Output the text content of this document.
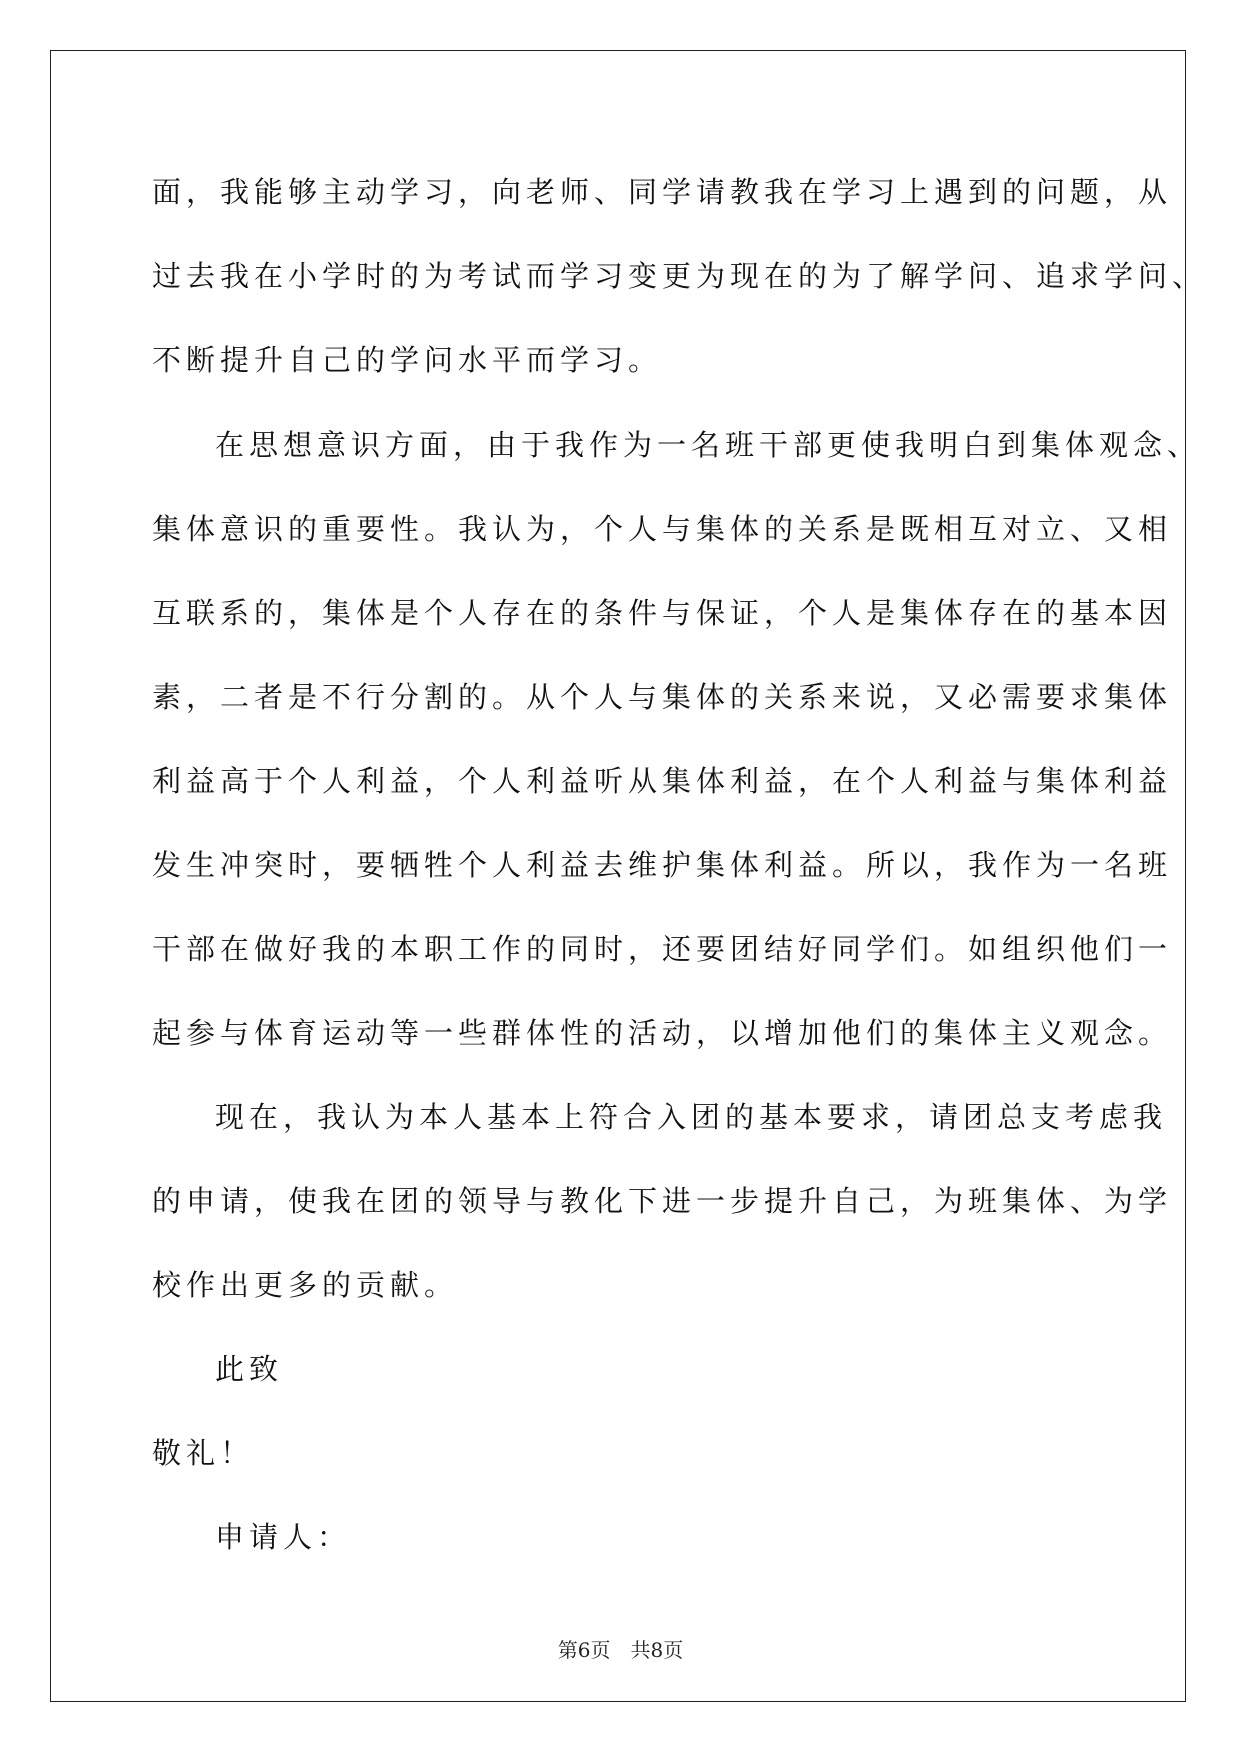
面，我能够主动学习，向老师、同学请教我在学习上遇到的问题，从
过去我在小学时的为考试而学习变更为现在的为了解学问、追求学问、
不断提升自己的学问水平而学习。
在思想意识方面，由于我作为一名班干部更使我明白到集体观念、
集体意识的重要性。我认为，个人与集体的关系是既相互对立、又相
互联系的，集体是个人存在的条件与保证，个人是集体存在的基本因
素，二者是不行分割的。从个人与集体的关系来说，又必需要求集体
利益高于个人利益，个人利益听从集体利益，在个人利益与集体利益
发生冲突时，要牺牲个人利益去维护集体利益。所以，我作为一名班
干部在做好我的本职工作的同时，还要团结好同学们。如组织他们一
起参与体育运动等一些群体性的活动，以增加他们的集体主义观念。
现在，我认为本人基本上符合入团的基本要求，请团总支考虑我
的申请，使我在团的领导与教化下进一步提升自己，为班集体、为学
校作出更多的贡献。
此致
敬礼！
申请人：
第6页　共8页
